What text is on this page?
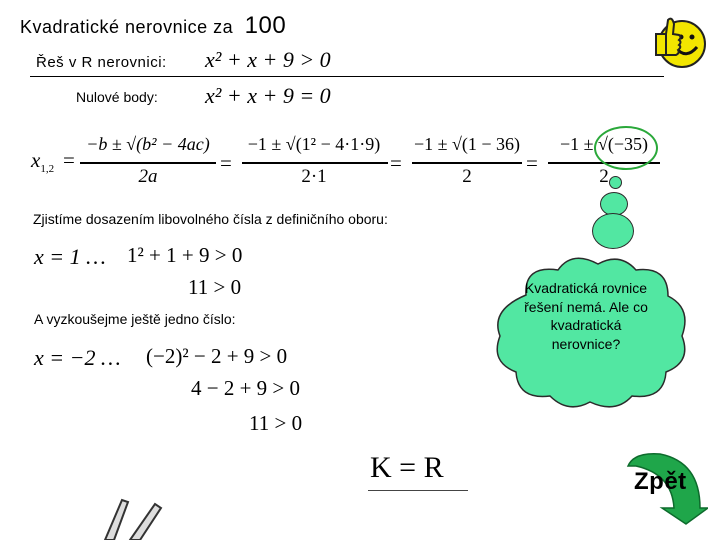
Kvadratické nerovnice za 100
Řeš v R nerovnici: x² + x + 9 > 0
Nulové body: x² + x + 9 = 0
$x_{1,2}$ =
−b ± √(b² − 4ac)
2a
=
−1 ± √(1² − 4·1·9)
2·1
=
−1 ± √(1 − 36)
2
=
−1 ± √(−35)
2
Kvadratická rovnice řešení nemá. Ale co kvadratická nerovnice?
Zjistíme dosazením libovolného čísla z definičního oboru:
x = 1 … 1² + 1 + 9 > 0
11 > 0
A vyzkoušejme ještě jedno číslo:
x = −2 … (−2)² − 2 + 9 > 0
4 − 2 + 9 > 0
11 > 0
K = R	Zpět
